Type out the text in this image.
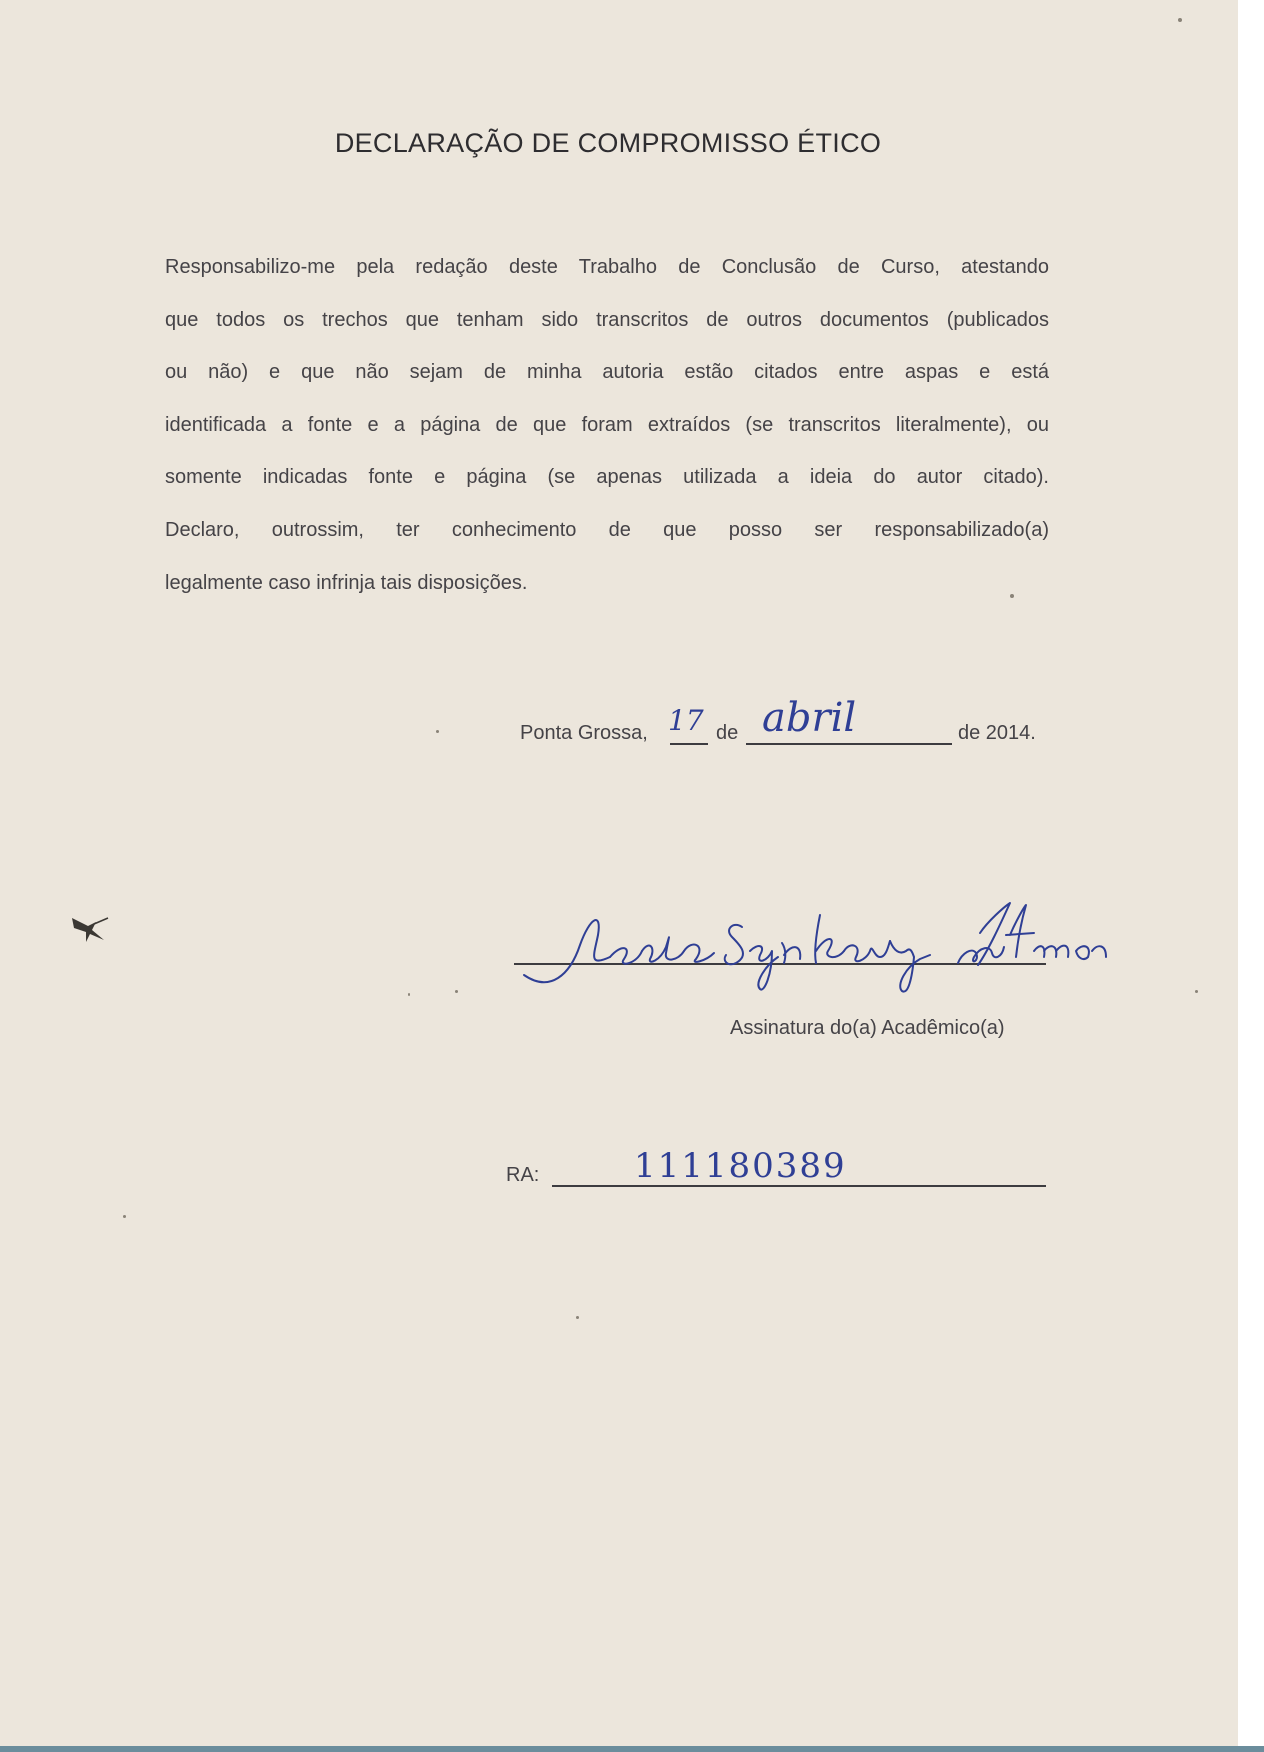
DECLARAÇÃO DE COMPROMISSO ÉTICO
Responsabilizo-me pela redação deste Trabalho de Conclusão de Curso, atestando
que todos os trechos que tenham sido transcritos de outros documentos (publicados
ou não) e que não sejam de minha autoria estão citados entre aspas e está
identificada a fonte e a página de que foram extraídos (se transcritos literalmente), ou
somente indicadas fonte e página (se apenas utilizada a ideia do autor citado).
Declaro, outrossim, ter conhecimento de que posso ser responsabilizado(a)
legalmente caso infrinja tais disposições.
Ponta Grossa, 17 de abril	de 2014.
Assinatura do(a) Acadêmico(a)
RA:	111180389
